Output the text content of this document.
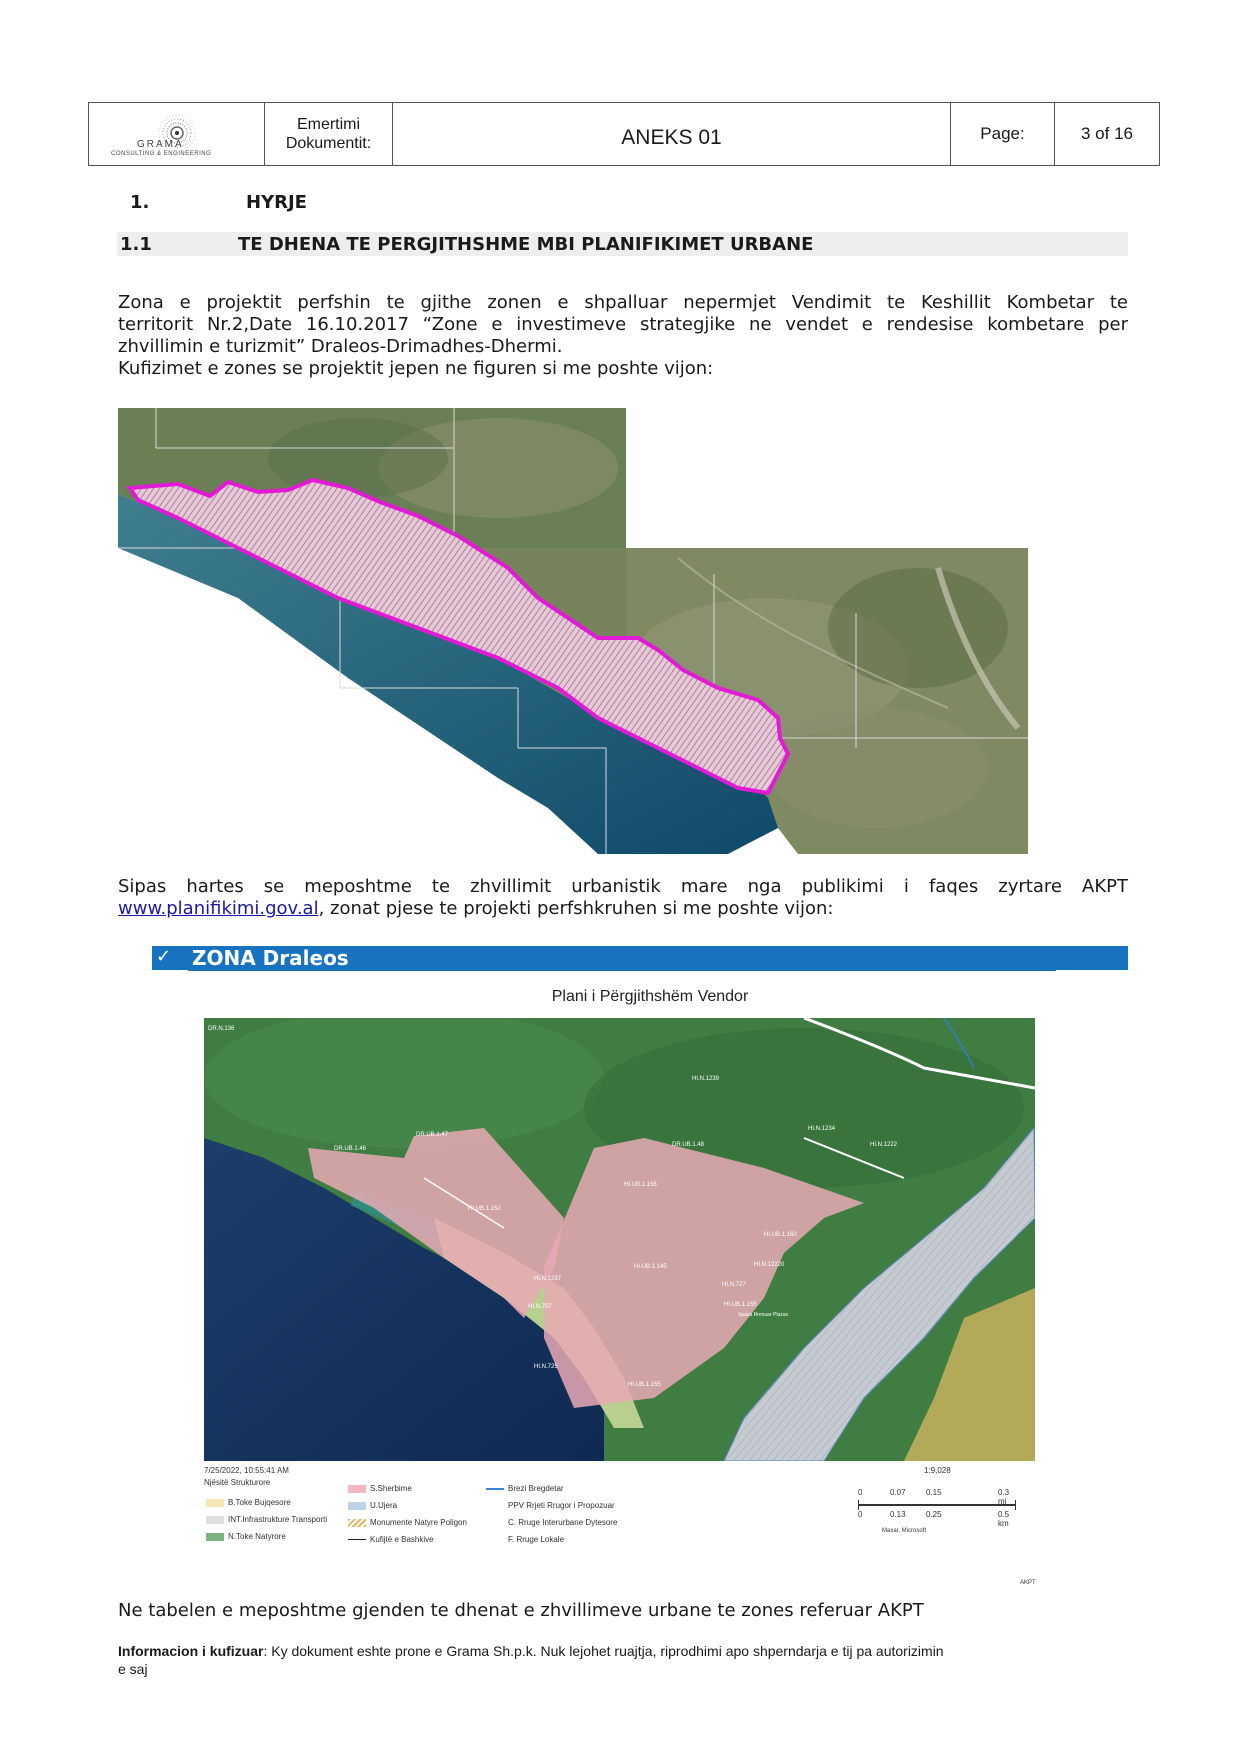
GRAMA
CONSULTING & ENGINEERING
Emertimi
Dokumentit:	ANEKS 01	Page:	3 of 16
1.	HYRJE
1.1	TE DHENA TE PERGJITHSHME MBI PLANIFIKIMET URBANE
Zona e projektit perfshin te gjithe zonen e shpalluar nepermjet Vendimit te Keshillit Kombetar te
territorit Nr.2,Date 16.10.2017 “Zone e investimeve strategjike ne vendet e rendesise kombetare per
zhvillimin e turizmit” Draleos-Drimadhes-Dhermi.
Kufizimet e zones se projektit jepen ne figuren si me poshte vijon:
Sipas hartes se meposhtme te zhvillimit urbanistik mare nga publikimi i faqes zyrtare AKPT
www.planifikimi.gov.al, zonat pjese te projekti perfshkruhen si me poshte vijon:
✓ ZONA Draleos
Plani i Përgjithshëm Vendor
DR.N.136
HI.N.1239
DR.UB.1.47
DR.UB.1.46
DR.UB.1.48
HI.N.1234
HI.N.1222
HI.UB.1.156
HI.UB.1.152
HI.UB.1.160
HI.UB.1.145
HI.N.1237
HI.N.727
HI.N.707
HI.N.12220
HI.N.725
HI.UB.1.155
HI.UB.1.155
Spaca Rrenuar Plazas
7/25/2022, 10:55:41 AM	1:9,028
Njësitë Strukturore
B.Toke Bujqesore
INT.Infrastrukture Transporti
N.Toke Natyrore
S.Sherbime
U.Ujera
Monumente Natyre Poligon
Kufijtë e Bashkive
Brezi Bregdetar
PPV Rrjeti Rrugor i Propozuar
C. Rruge Interurbane Dytesore
F. Rruge Lokale
0	0.07	0.15	0.3 mi
0	0.13	0.25	0.5 km
Maxar, Microsoft
AKPT
Ne tabelen e meposhtme gjenden te dhenat e zhvillimeve urbane te zones referuar AKPT
Informacion i kufizuar: Ky dokument eshte prone e Grama Sh.p.k. Nuk lejohet ruajtja, riprodhimi apo shperndarja e tij pa autorizimin
e saj
